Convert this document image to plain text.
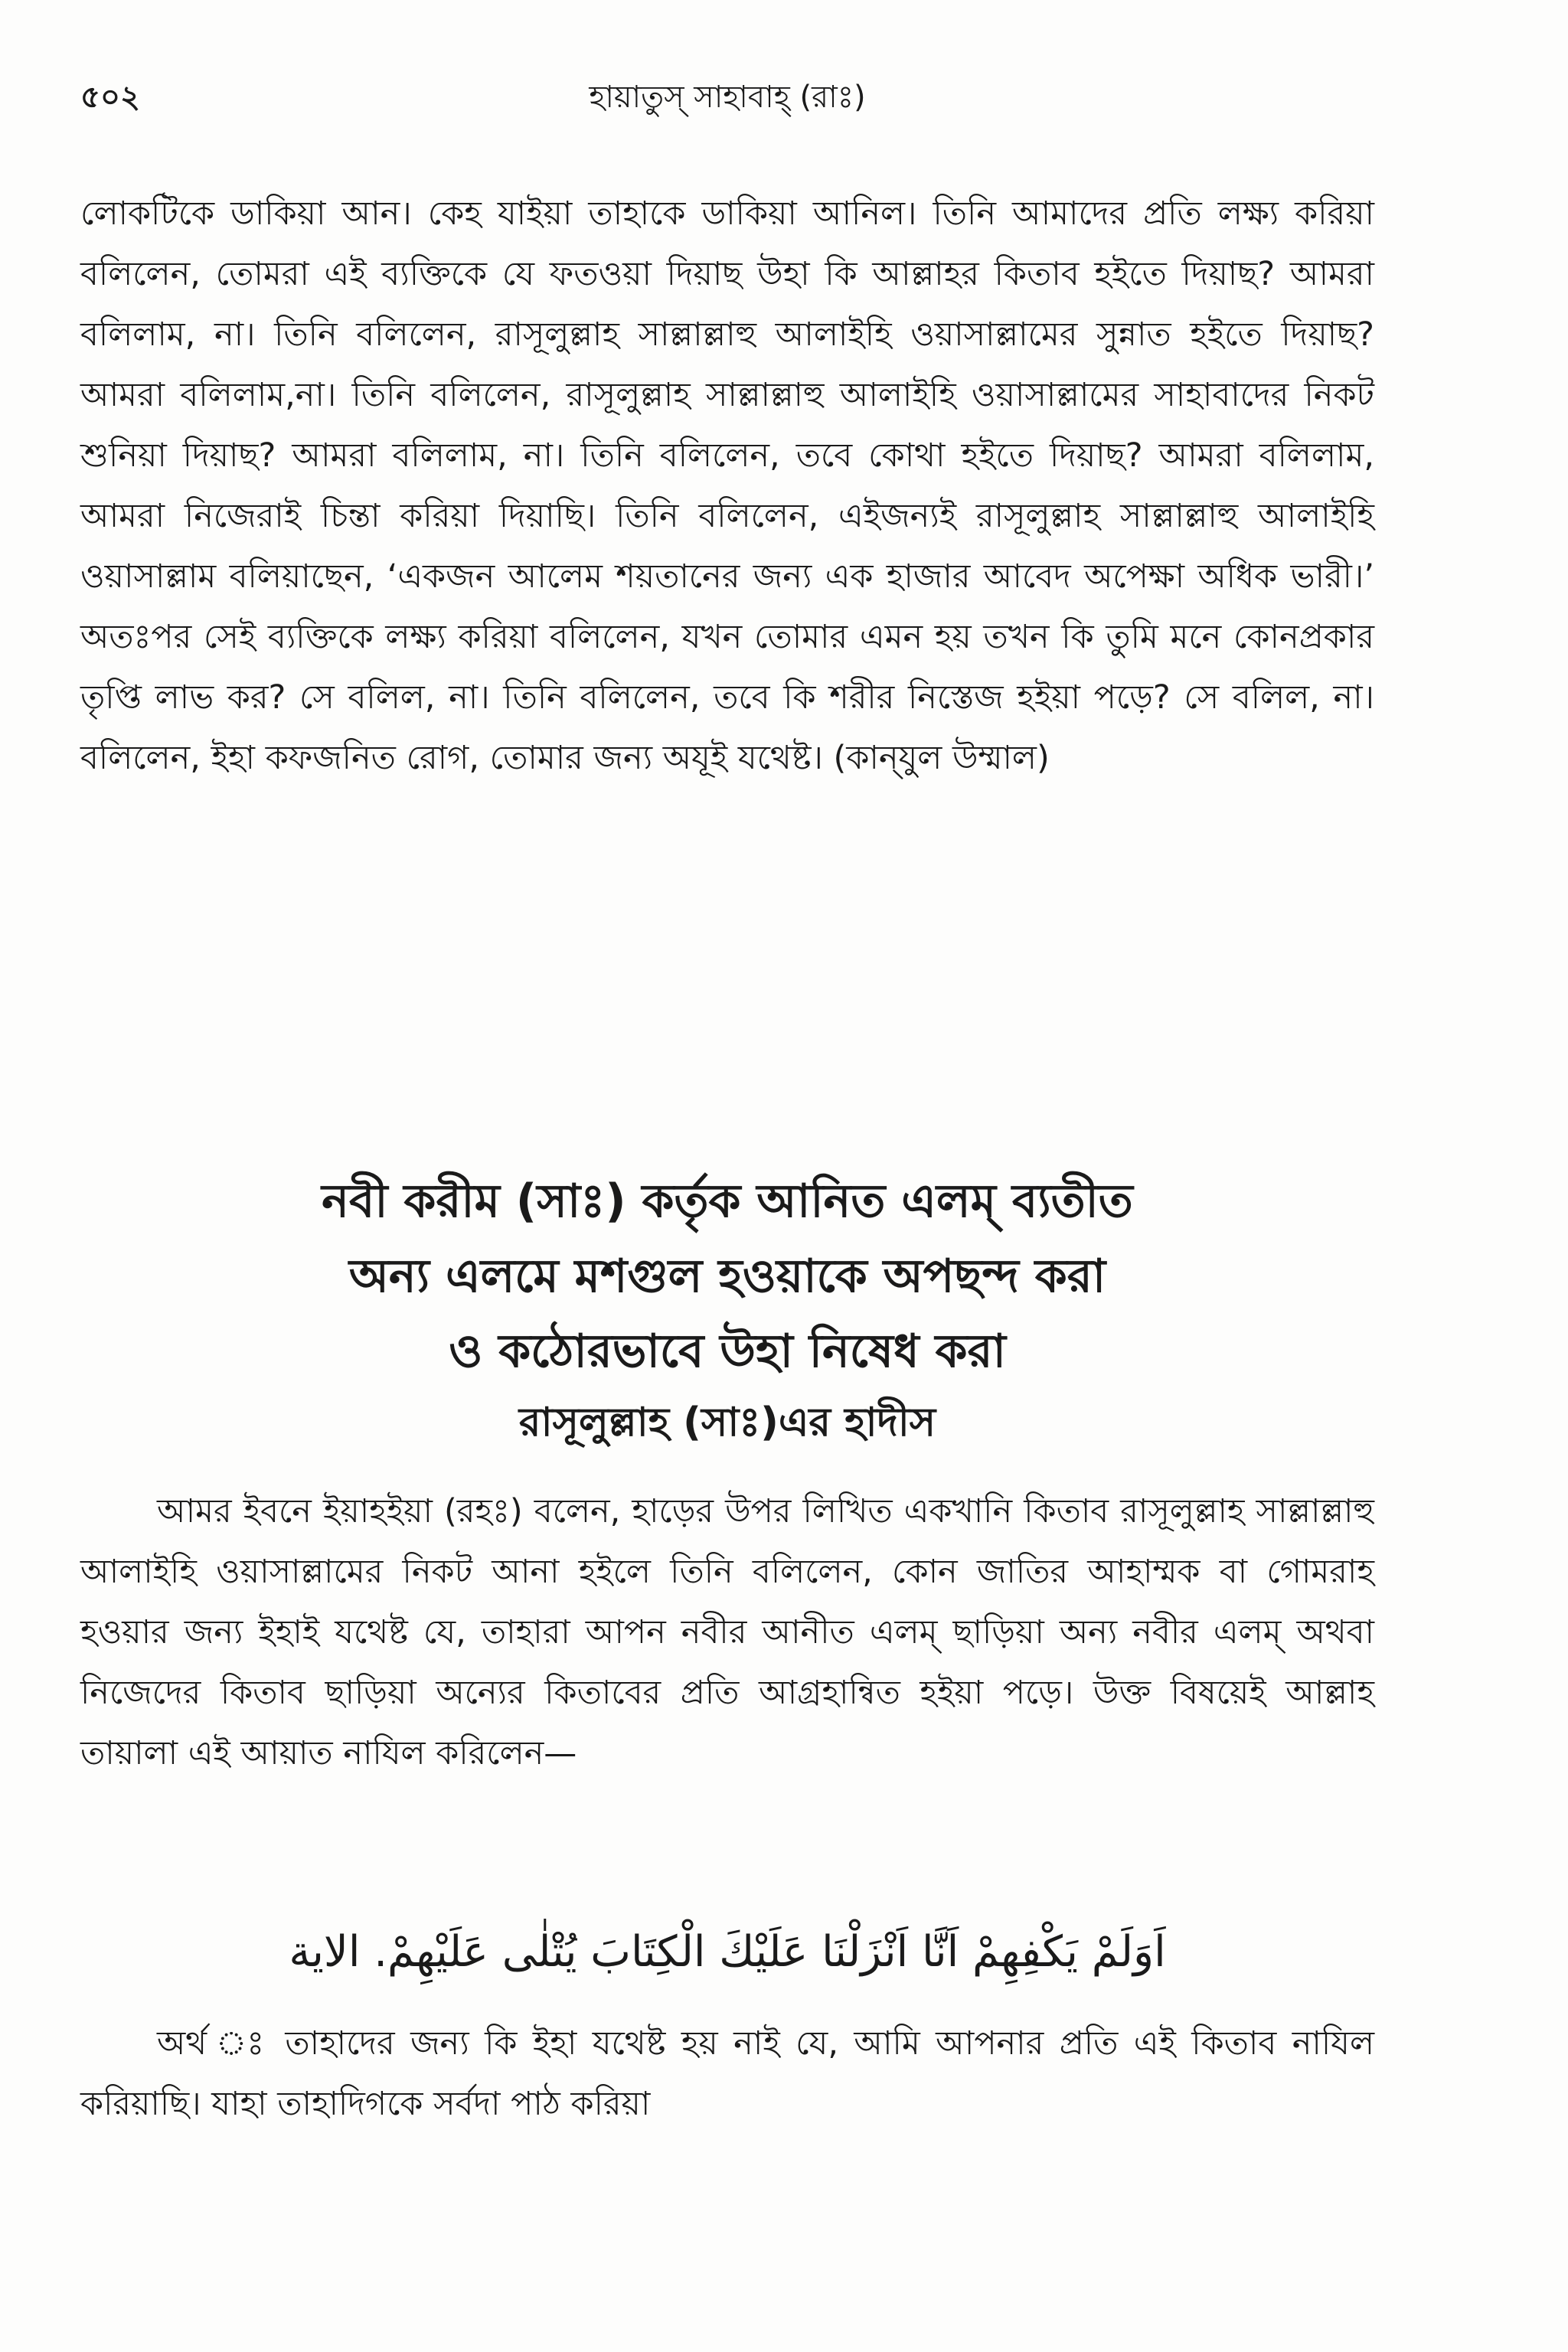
৫০২	হায়াতুস্ সাহাবাহ্ (রাঃ)

লোকটিকে ডাকিয়া আন। কেহ যাইয়া তাহাকে ডাকিয়া আনিল। তিনি আমাদের প্রতি লক্ষ্য করিয়া বলিলেন, তোমরা এই ব্যক্তিকে যে ফতওয়া দিয়াছ উহা কি আল্লাহর কিতাব হইতে দিয়াছ? আমরা বলিলাম, না। তিনি বলিলেন, রাসূলুল্লাহ সাল্লাল্লাহু আলাইহি ওয়াসাল্লামের সুন্নাত হইতে দিয়াছ? আমরা বলিলাম,না। তিনি বলিলেন, রাসূলুল্লাহ সাল্লাল্লাহু আলাইহি ওয়াসাল্লামের সাহাবাদের নিকট শুনিয়া দিয়াছ? আমরা বলিলাম, না। তিনি বলিলেন, তবে কোথা হইতে দিয়াছ? আমরা বলিলাম, আমরা নিজেরাই চিন্তা করিয়া দিয়াছি। তিনি বলিলেন, এইজন্যই রাসূলুল্লাহ সাল্লাল্লাহু আলাইহি ওয়াসাল্লাম বলিয়াছেন, ‘একজন আলেম শয়তানের জন্য এক হাজার আবেদ অপেক্ষা অধিক ভারী।’ অতঃপর সেই ব্যক্তিকে লক্ষ্য করিয়া বলিলেন, যখন তোমার এমন হয় তখন কি তুমি মনে কোনপ্রকার তৃপ্তি লাভ কর? সে বলিল, না। তিনি বলিলেন, তবে কি শরীর নিস্তেজ হইয়া পড়ে? সে বলিল, না। বলিলেন, ইহা কফজনিত রোগ, তোমার জন্য অযূই যথেষ্ট। (কান্‌যুল উম্মাল)

নবী করীম (সাঃ) কর্তৃক আনিত এলম্ ব্যতীত
অন্য এলমে মশগুল হওয়াকে অপছন্দ করা
ও কঠোরভাবে উহা নিষেধ করা
রাসূলুল্লাহ (সাঃ)এর হাদীস

আমর ইবনে ইয়াহইয়া (রহঃ) বলেন, হাড়ের উপর লিখিত একখানি কিতাব রাসূলুল্লাহ সাল্লাল্লাহু আলাইহি ওয়াসাল্লামের নিকট আনা হইলে তিনি বলিলেন, কোন জাতির আহাম্মক বা গোমরাহ হওয়ার জন্য ইহাই যথেষ্ট যে, তাহারা আপন নবীর আনীত এলম্ ছাড়িয়া অন্য নবীর এলম্ অথবা নিজেদের কিতাব ছাড়িয়া অন্যের কিতাবের প্রতি আগ্রহান্বিত হইয়া পড়ে। উক্ত বিষয়েই আল্লাহ তায়ালা এই আয়াত নাযিল করিলেন—

اَوَلَمْ يَكْفِهِمْ اَنَّا اَنْزَلْنَا عَلَيْكَ الْكِتَابَ يُتْلٰى عَلَيْهِمْ. الاية

অর্থ ঃ তাহাদের জন্য কি ইহা যথেষ্ট হয় নাই যে, আমি আপনার প্রতি এই কিতাব নাযিল করিয়াছি। যাহা তাহাদিগকে সর্বদা পাঠ করিয়া
